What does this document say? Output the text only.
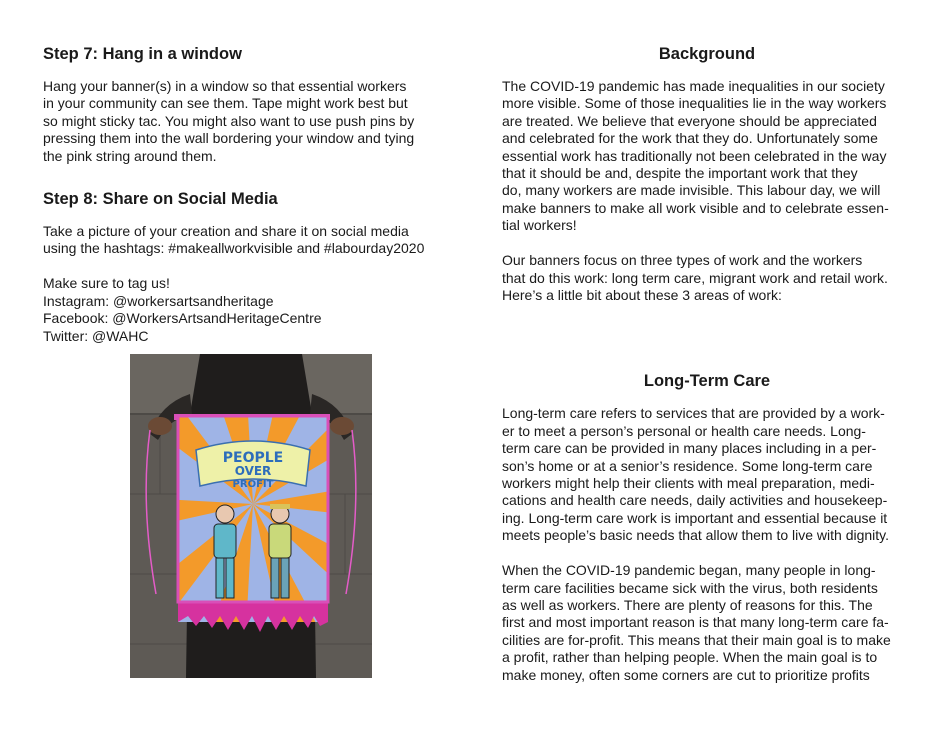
Step 7: Hang in a window

Hang your banner(s) in a window so that essential workers
in your community can see them. Tape might work best but
so might sticky tac. You might also want to use push pins by
pressing them into the wall bordering your window and tying
the pink string around them.

Step 8: Share on Social Media

Take a picture of your creation and share it on social media
using the hashtags: #makeallworkvisible and #labourday2020

Make sure to tag us!
Instagram: @workersartsandheritage
Facebook: @WorkersArtsandHeritageCentre
Twitter: @WAHC

PEOPLE
OVER
PROFIT
Background

The COVID-19 pandemic has made inequalities in our society
more visible. Some of those inequalities lie in the way workers
are treated. We believe that everyone should be appreciated
and celebrated for the work that they do. Unfortunately some
essential work has traditionally not been celebrated in the way
that it should be and, despite the important work that they
do, many workers are made invisible. This labour day, we will
make banners to make all work visible and to celebrate essen-
tial workers!

Our banners focus on three types of work and the workers
that do this work: long term care, migrant work and retail work.
Here’s a little bit about these 3 areas of work:

Long-Term Care

Long-term care refers to services that are provided by a work-
er to meet a person’s personal or health care needs. Long-
term care can be provided in many places including in a per-
son’s home or at a senior’s residence. Some long-term care
workers might help their clients with meal preparation, medi-
cations and health care needs, daily activities and housekeep-
ing. Long-term care work is important and essential because it
meets people’s basic needs that allow them to live with dignity.

When the COVID-19 pandemic began, many people in long-
term care facilities became sick with the virus, both residents
as well as workers. There are plenty of reasons for this. The
first and most important reason is that many long-term care fa-
cilities are for-profit. This means that their main goal is to make
a profit, rather than helping people. When the main goal is to
make money, often some corners are cut to prioritize profits
